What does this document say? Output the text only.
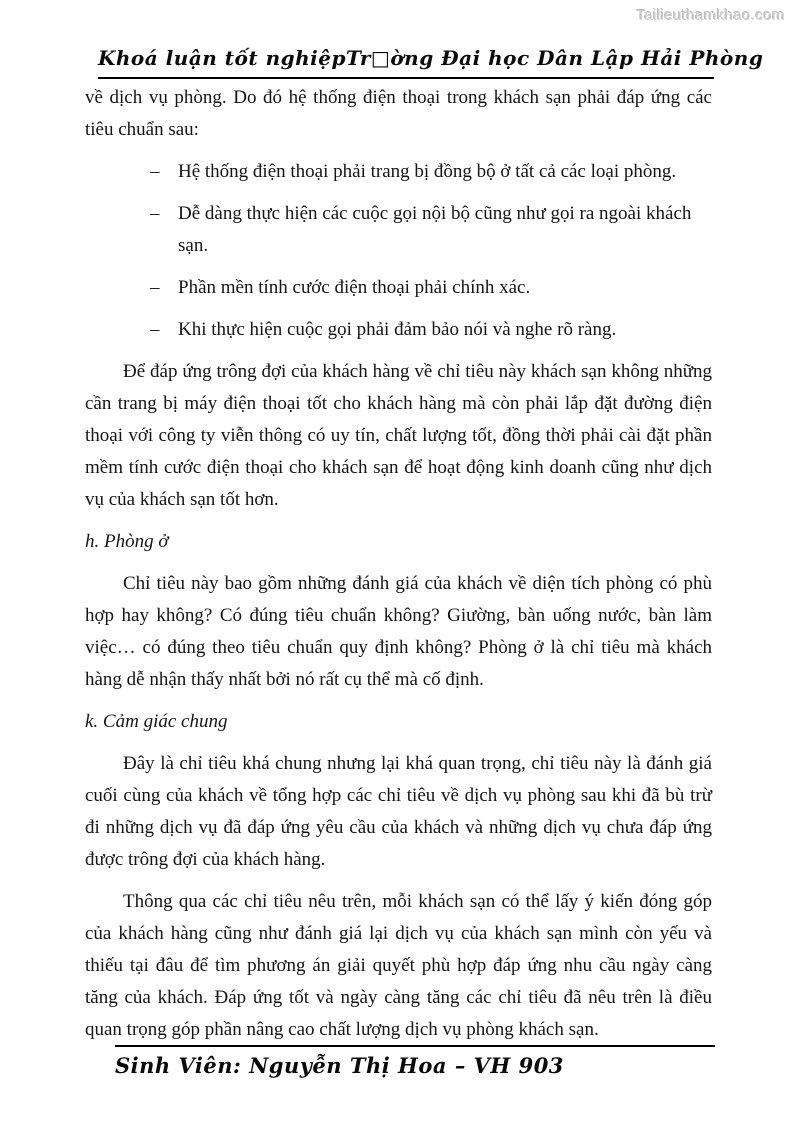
Tailieuthamkhao.com
Khoá luận tốt nghiệp Tr□ờng Đại học Dân Lập Hải Phòng

về dịch vụ phòng. Do đó hệ thống điện thoại trong khách sạn phải đáp ứng các tiêu chuẩn sau:

– Hệ thống điện thoại phải trang bị đồng bộ ở tất cả các loại phòng.
– Dễ dàng thực hiện các cuộc gọi nội bộ cũng như gọi ra ngoài khách sạn.
– Phần mền tính cước điện thoại phải chính xác.
– Khi thực hiện cuộc gọi phải đảm bảo nói và nghe rõ ràng.

Để đáp ứng trông đợi của khách hàng về chỉ tiêu này khách sạn không những cần trang bị máy điện thoại tốt cho khách hàng mà còn phải lắp đặt đường điện thoại với công ty viễn thông có uy tín, chất lượng tốt, đồng thời phải cài đặt phần mềm tính cước điện thoại cho khách sạn để hoạt động kinh doanh cũng như dịch vụ của khách sạn tốt hơn.

h. Phòng ở

Chỉ tiêu này bao gồm những đánh giá của khách về diện tích phòng có phù hợp hay không? Có đúng tiêu chuẩn không? Giường, bàn uống nước, bàn làm việc… có đúng theo tiêu chuẩn quy định không? Phòng ở là chỉ tiêu mà khách hàng dễ nhận thấy nhất bởi nó rất cụ thể mà cố định.

k. Cảm giác chung

Đây là chỉ tiêu khá chung nhưng lại khá quan trọng, chỉ tiêu này là đánh giá cuối cùng của khách về tổng hợp các chỉ tiêu về dịch vụ phòng sau khi đã bù trừ đi những dịch vụ đã đáp ứng yêu cầu của khách và những dịch vụ chưa đáp ứng được trông đợi của khách hàng.

Thông qua các chỉ tiêu nêu trên, mỗi khách sạn có thể lấy ý kiến đóng góp của khách hàng cũng như đánh giá lại dịch vụ của khách sạn mình còn yếu và thiếu tại đâu để tìm phương án giải quyết phù hợp đáp ứng nhu cầu ngày càng tăng của khách. Đáp ứng tốt và ngày càng tăng các chỉ tiêu đã nêu trên là điều quan trọng góp phần nâng cao chất lượng dịch vụ phòng khách sạn.

Sinh Viên: Nguyễn Thị Hoa – VH 903
